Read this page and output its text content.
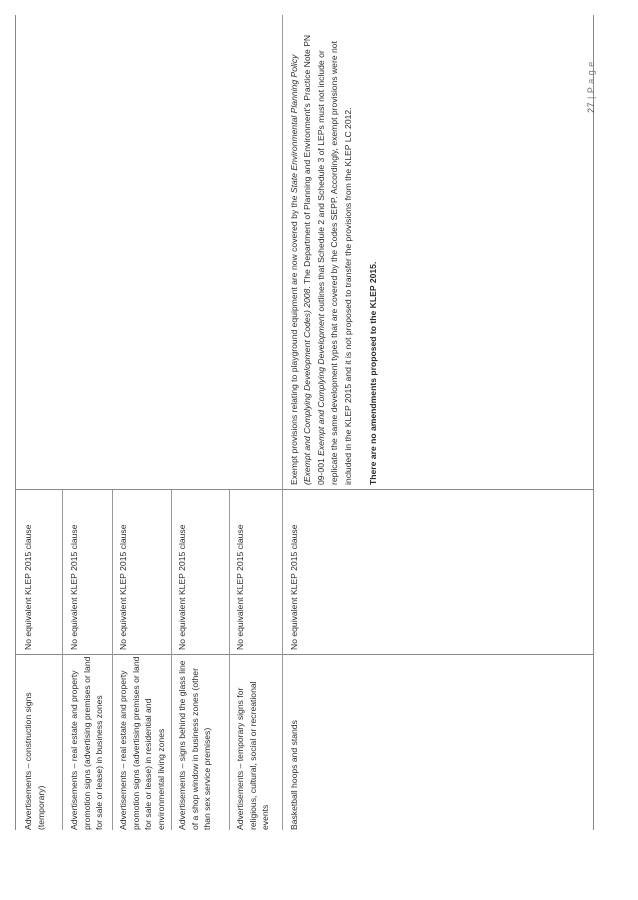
Advertisements – construction signs (temporary)
No equivalent KLEP 2015 clause
Advertisements – real estate and property promotion signs (advertising premises or land for sale or lease) in business zones
No equivalent KLEP 2015 clause
Advertisements – real estate and property promotion signs (advertising premises or land for sale or lease) in residential and environmental living zones
No equivalent KLEP 2015 clause
Advertisements – signs behind the glass line of a shop window in business zones (other than sex service premises)
No equivalent KLEP 2015 clause
Advertisements – temporary signs for religious, cultural, social or recreational events
No equivalent KLEP 2015 clause
Basketball hoops and stands
No equivalent KLEP 2015 clause

Exempt provisions relating to playground equipment are now covered by the State Environmental Planning Policy (Exempt and Complying Development Codes) 2008. The Department of Planning and Environment’s Practice Note PN 09-001 Exempt and Complying Development outlines that Schedule 2 and Schedule 3 of LEPs must not include or replicate the same development types that are covered by the Codes SEPP. Accordingly, exempt provisions were not included in the KLEP 2015 and it is not proposed to transfer the provisions from the KLEP LC 2012. There are no amendments proposed to the KLEP 2015.
27 | P a g e
